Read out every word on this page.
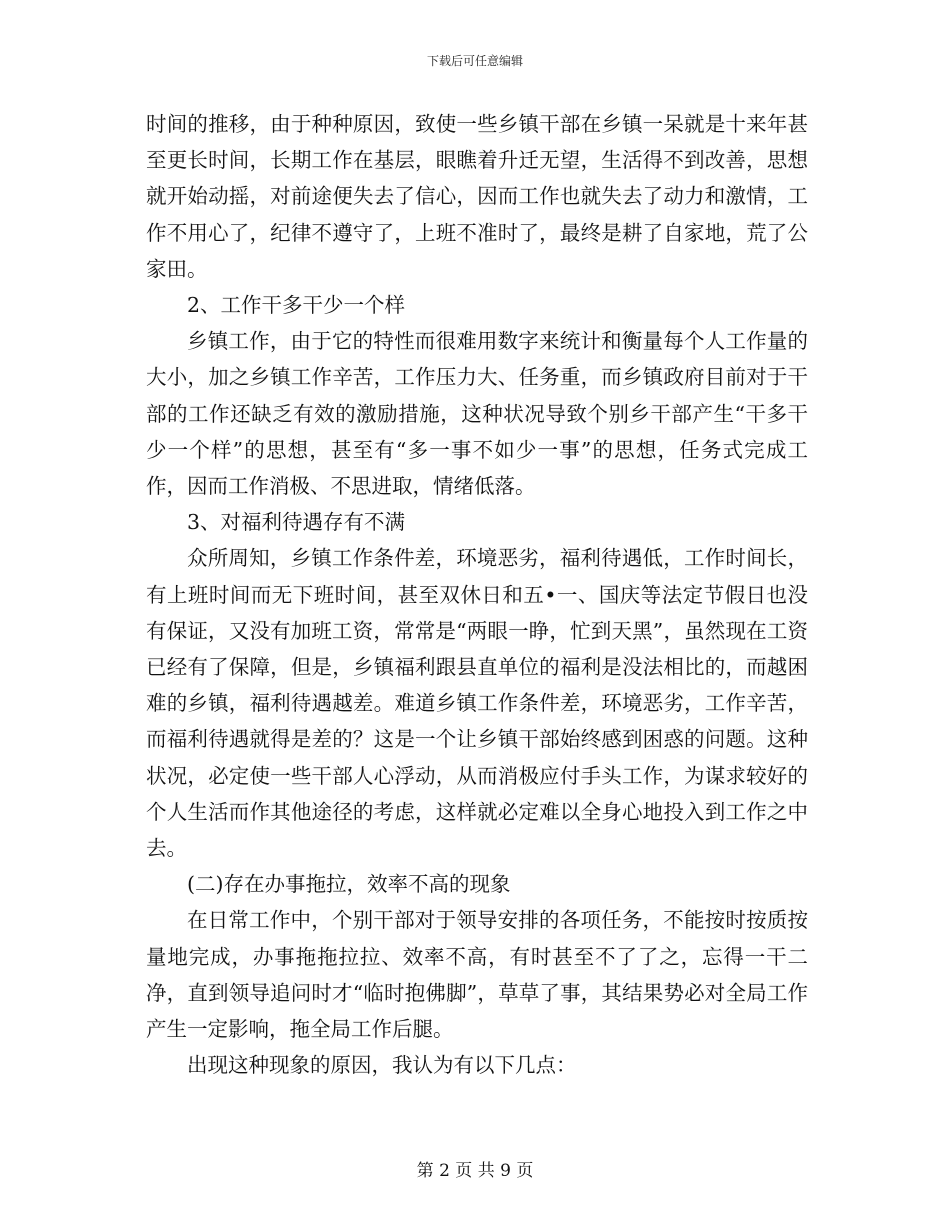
下载后可任意编辑

时间的推移，由于种种原因，致使一些乡镇干部在乡镇一呆就是十来年甚至更长时间，长期工作在基层，眼瞧着升迁无望，生活得不到改善，思想就开始动摇，对前途便失去了信心，因而工作也就失去了动力和激情，工作不用心了，纪律不遵守了，上班不准时了，最终是耕了自家地，荒了公家田。

2、工作干多干少一个样

乡镇工作，由于它的特性而很难用数字来统计和衡量每个人工作量的大小，加之乡镇工作辛苦，工作压力大、任务重，而乡镇政府目前对于干部的工作还缺乏有效的激励措施，这种状况导致个别乡干部产生“干多干少一个样”的思想，甚至有“多一事不如少一事”的思想，任务式完成工作，因而工作消极、不思进取，情绪低落。

3、对福利待遇存有不满

众所周知，乡镇工作条件差，环境恶劣，福利待遇低，工作时间长，有上班时间而无下班时间，甚至双休日和五•一、国庆等法定节假日也没有保证，又没有加班工资，常常是“两眼一睁，忙到天黑”，虽然现在工资已经有了保障，但是，乡镇福利跟县直单位的福利是没法相比的，而越困难的乡镇，福利待遇越差。难道乡镇工作条件差，环境恶劣，工作辛苦，而福利待遇就得是差的？这是一个让乡镇干部始终感到困惑的问题。这种状况，必定使一些干部人心浮动，从而消极应付手头工作，为谋求较好的个人生活而作其他途径的考虑，这样就必定难以全身心地投入到工作之中去。

(二)存在办事拖拉，效率不高的现象

在日常工作中，个别干部对于领导安排的各项任务，不能按时按质按量地完成，办事拖拖拉拉、效率不高，有时甚至不了了之，忘得一干二净，直到领导追问时才“临时抱佛脚”，草草了事，其结果势必对全局工作产生一定影响，拖全局工作后腿。

出现这种现象的原因，我认为有以下几点：

第 2 页 共 9 页
